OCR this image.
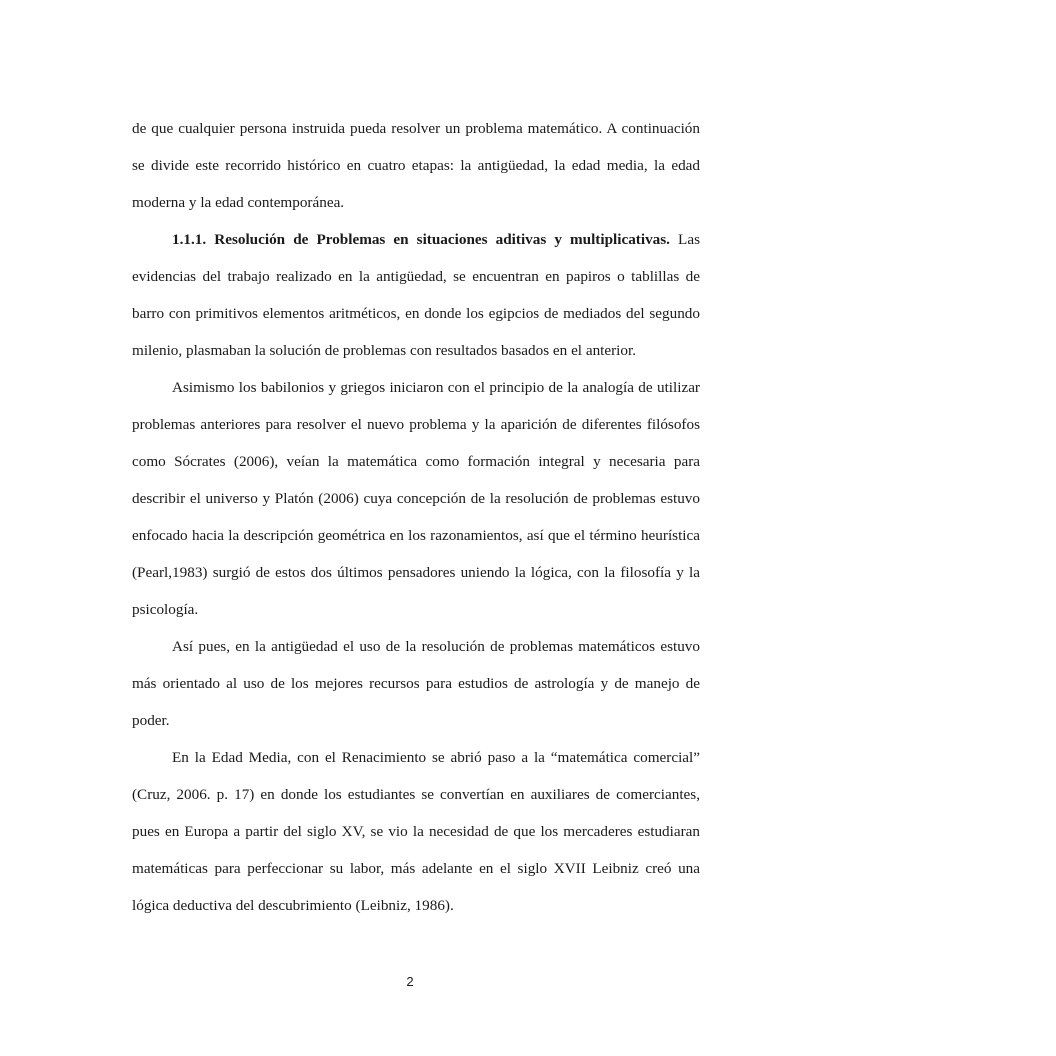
de que cualquier persona instruida pueda resolver un problema matemático. A continuación se divide este recorrido histórico en cuatro etapas: la antigüedad, la edad media, la edad moderna y la edad contemporánea.

1.1.1. Resolución de Problemas en situaciones aditivas y multiplicativas. Las evidencias del trabajo realizado en la antigüedad, se encuentran en papiros o tablillas de barro con primitivos elementos aritméticos, en donde los egipcios de mediados del segundo milenio, plasmaban la solución de problemas con resultados basados en el anterior.

Asimismo los babilonios y griegos iniciaron con el principio de la analogía de utilizar problemas anteriores para resolver el nuevo problema y la aparición de diferentes filósofos como Sócrates (2006), veían la matemática como formación integral y necesaria para describir el universo y Platón (2006) cuya concepción de la resolución de problemas estuvo enfocado hacia la descripción geométrica en los razonamientos, así que el término heurística (Pearl,1983) surgió de estos dos últimos pensadores uniendo la lógica, con la filosofía y la psicología.

Así pues, en la antigüedad el uso de la resolución de problemas matemáticos estuvo más orientado al uso de los mejores recursos para estudios de astrología y de manejo de poder.

En la Edad Media, con el Renacimiento se abrió paso a la “matemática comercial” (Cruz, 2006. p. 17) en donde los estudiantes se convertían en auxiliares de comerciantes, pues en Europa a partir del siglo XV, se vio la necesidad de que los mercaderes estudiaran matemáticas para perfeccionar su labor, más adelante en el siglo XVII Leibniz creó una lógica deductiva del descubrimiento (Leibniz, 1986).

2
